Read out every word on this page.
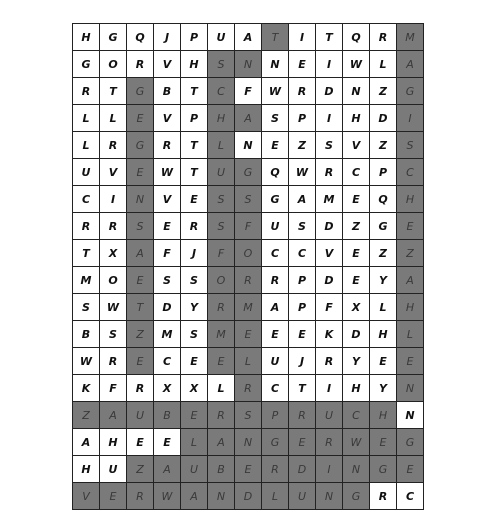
H	G	Q	J	P	U	A	T	I	T	Q	R	M
G	O	R	V	H	S	N	N	E	I	W	L	A
R	T	G	B	T	C	F	W	R	D	N	Z	G
L	L	E	V	P	H	A	S	P	I	H	D	I
L	R	G	R	T	L	N	E	Z	S	V	Z	S
U	V	E	W	T	U	G	Q	W	R	C	P	C
C	I	N	V	E	S	S	G	A	M	E	Q	H
R	R	S	E	R	S	F	U	S	D	Z	G	E
T	X	A	F	J	F	O	C	C	V	E	Z	Z
M	O	E	S	S	O	R	R	P	D	E	Y	A
S	W	T	D	Y	R	M	A	P	F	X	L	H
B	S	Z	M	S	M	E	E	E	K	D	H	L
W	R	E	C	E	E	L	U	J	R	Y	E	E
K	F	R	X	X	L	R	C	T	I	H	Y	N
Z	A	U	B	E	R	S	P	R	U	C	H	N
A	H	E	E	L	A	N	G	E	R	W	E	G
H	U	Z	A	U	B	E	R	D	I	N	G	E
V	E	R	W	A	N	D	L	U	N	G	R	C
